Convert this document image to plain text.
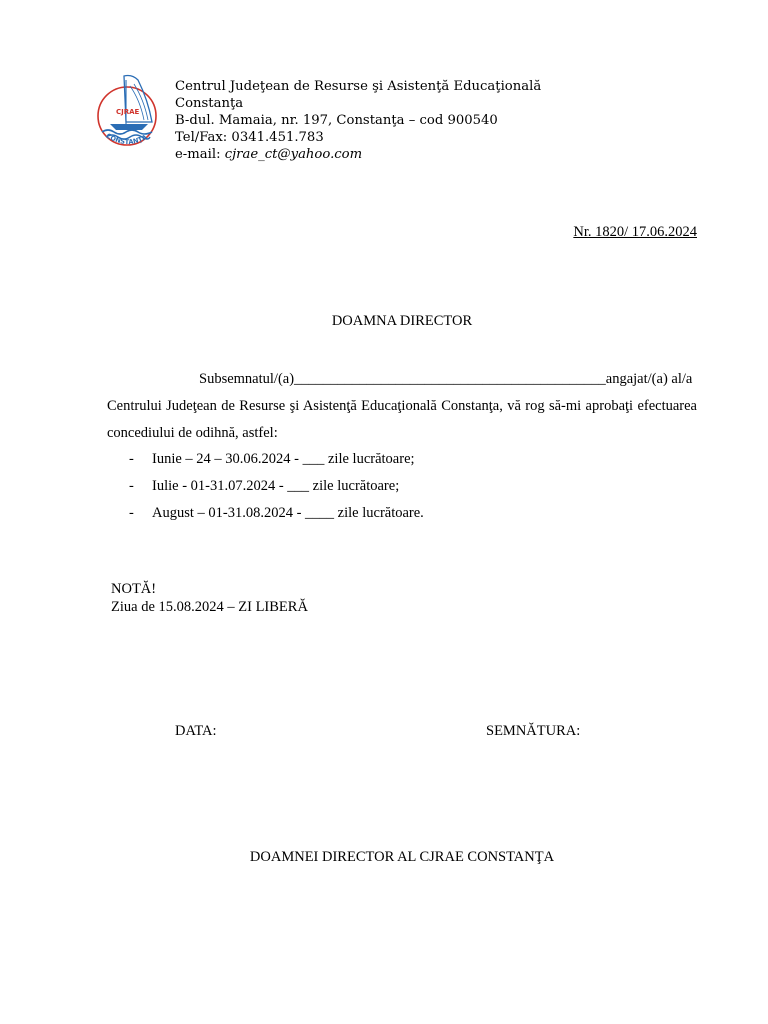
CJRAE
CONSTANȚA
Centrul Judeţean de Resurse şi Asistenţă Educaţională
Constanţa
B-dul. Mamaia, nr. 197, Constanţa – cod 900540
Tel/Fax: 0341.451.783
e-mail: cjrae_ct@yahoo.com
Nr. 1820/ 17.06.2024
DOAMNA DIRECTOR
Subsemnatul/(a)___________________________________________angajat/(a) al/a
Centrului Judeţean de Resurse şi Asistenţă Educaţională Constanţa, vă rog să-mi aprobaţi efectuarea concediului de odihnă, astfel:
- Iunie – 24 – 30.06.2024 - ___ zile lucrătoare;
- Iulie - 01-31.07.2024 - ___ zile lucrătoare;
- August – 01-31.08.2024 - ____ zile lucrătoare.
NOTĂ!
Ziua de 15.08.2024 – ZI LIBERĂ
DATA:	SEMNĂTURA:
DOAMNEI DIRECTOR AL CJRAE CONSTANŢA
